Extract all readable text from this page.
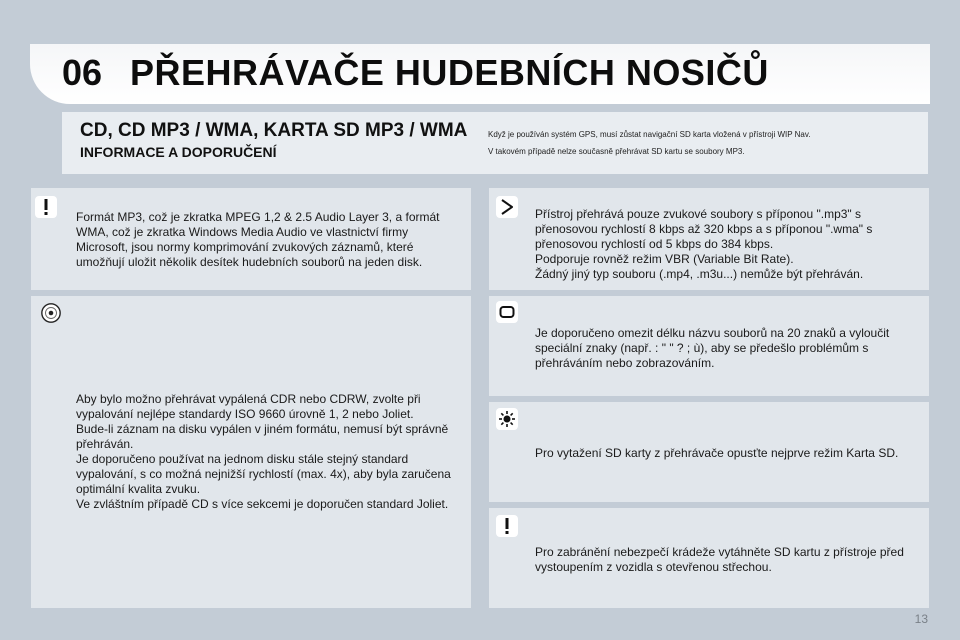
06 PŘEHRÁVAČE HUDEBNÍCH NOSIČŮ
CD, CD MP3 / WMA, KARTA SD MP3 / WMA
INFORMACE A DOPORUČENÍ
Když je používán systém GPS, musí zůstat navigační SD karta vložená v přístroji WIP Nav.
V takovém případě nelze současně přehrávat SD kartu se soubory MP3.
Formát MP3, což je zkratka MPEG 1,2 & 2.5 Audio Layer 3, a formát WMA, což je zkratka Windows Media Audio ve vlastnictví firmy Microsoft, jsou normy komprimování zvukových záznamů, které umožňují uložit několik desítek hudebních souborů na jeden disk.
Aby bylo možno přehrávat vypálená CDR nebo CDRW, zvolte při vypalování nejlépe standardy ISO 9660 úrovně 1, 2 nebo Joliet.
Bude-li záznam na disku vypálen v jiném formátu, nemusí být správně přehráván.
Je doporučeno používat na jednom disku stále stejný standard vypalování, s co možná nejnižší rychlostí (max. 4x), aby byla zaručena optimální kvalita zvuku.
Ve zvláštním případě CD s více sekcemi je doporučen standard Joliet.
Přístroj přehrává pouze zvukové soubory s příponou ".mp3" s přenosovou rychlostí 8 kbps až 320 kbps a s příponou ".wma" s přenosovou rychlostí od 5 kbps do 384 kbps.
Podporuje rovněž režim VBR (Variable Bit Rate).
Žádný jiný typ souboru (.mp4, .m3u...) nemůže být přehráván.
Je doporučeno omezit délku názvu souborů na 20 znaků a vyloučit speciální znaky (např. : " " ? ; ù), aby se předešlo problémům s přehráváním nebo zobrazováním.
Pro vytažení SD karty z přehrávače opusťte nejprve režim Karta SD.
Pro zabránění nebezpečí krádeže vytáhněte SD kartu z přístroje před vystoupením z vozidla s otevřenou střechou.
13
